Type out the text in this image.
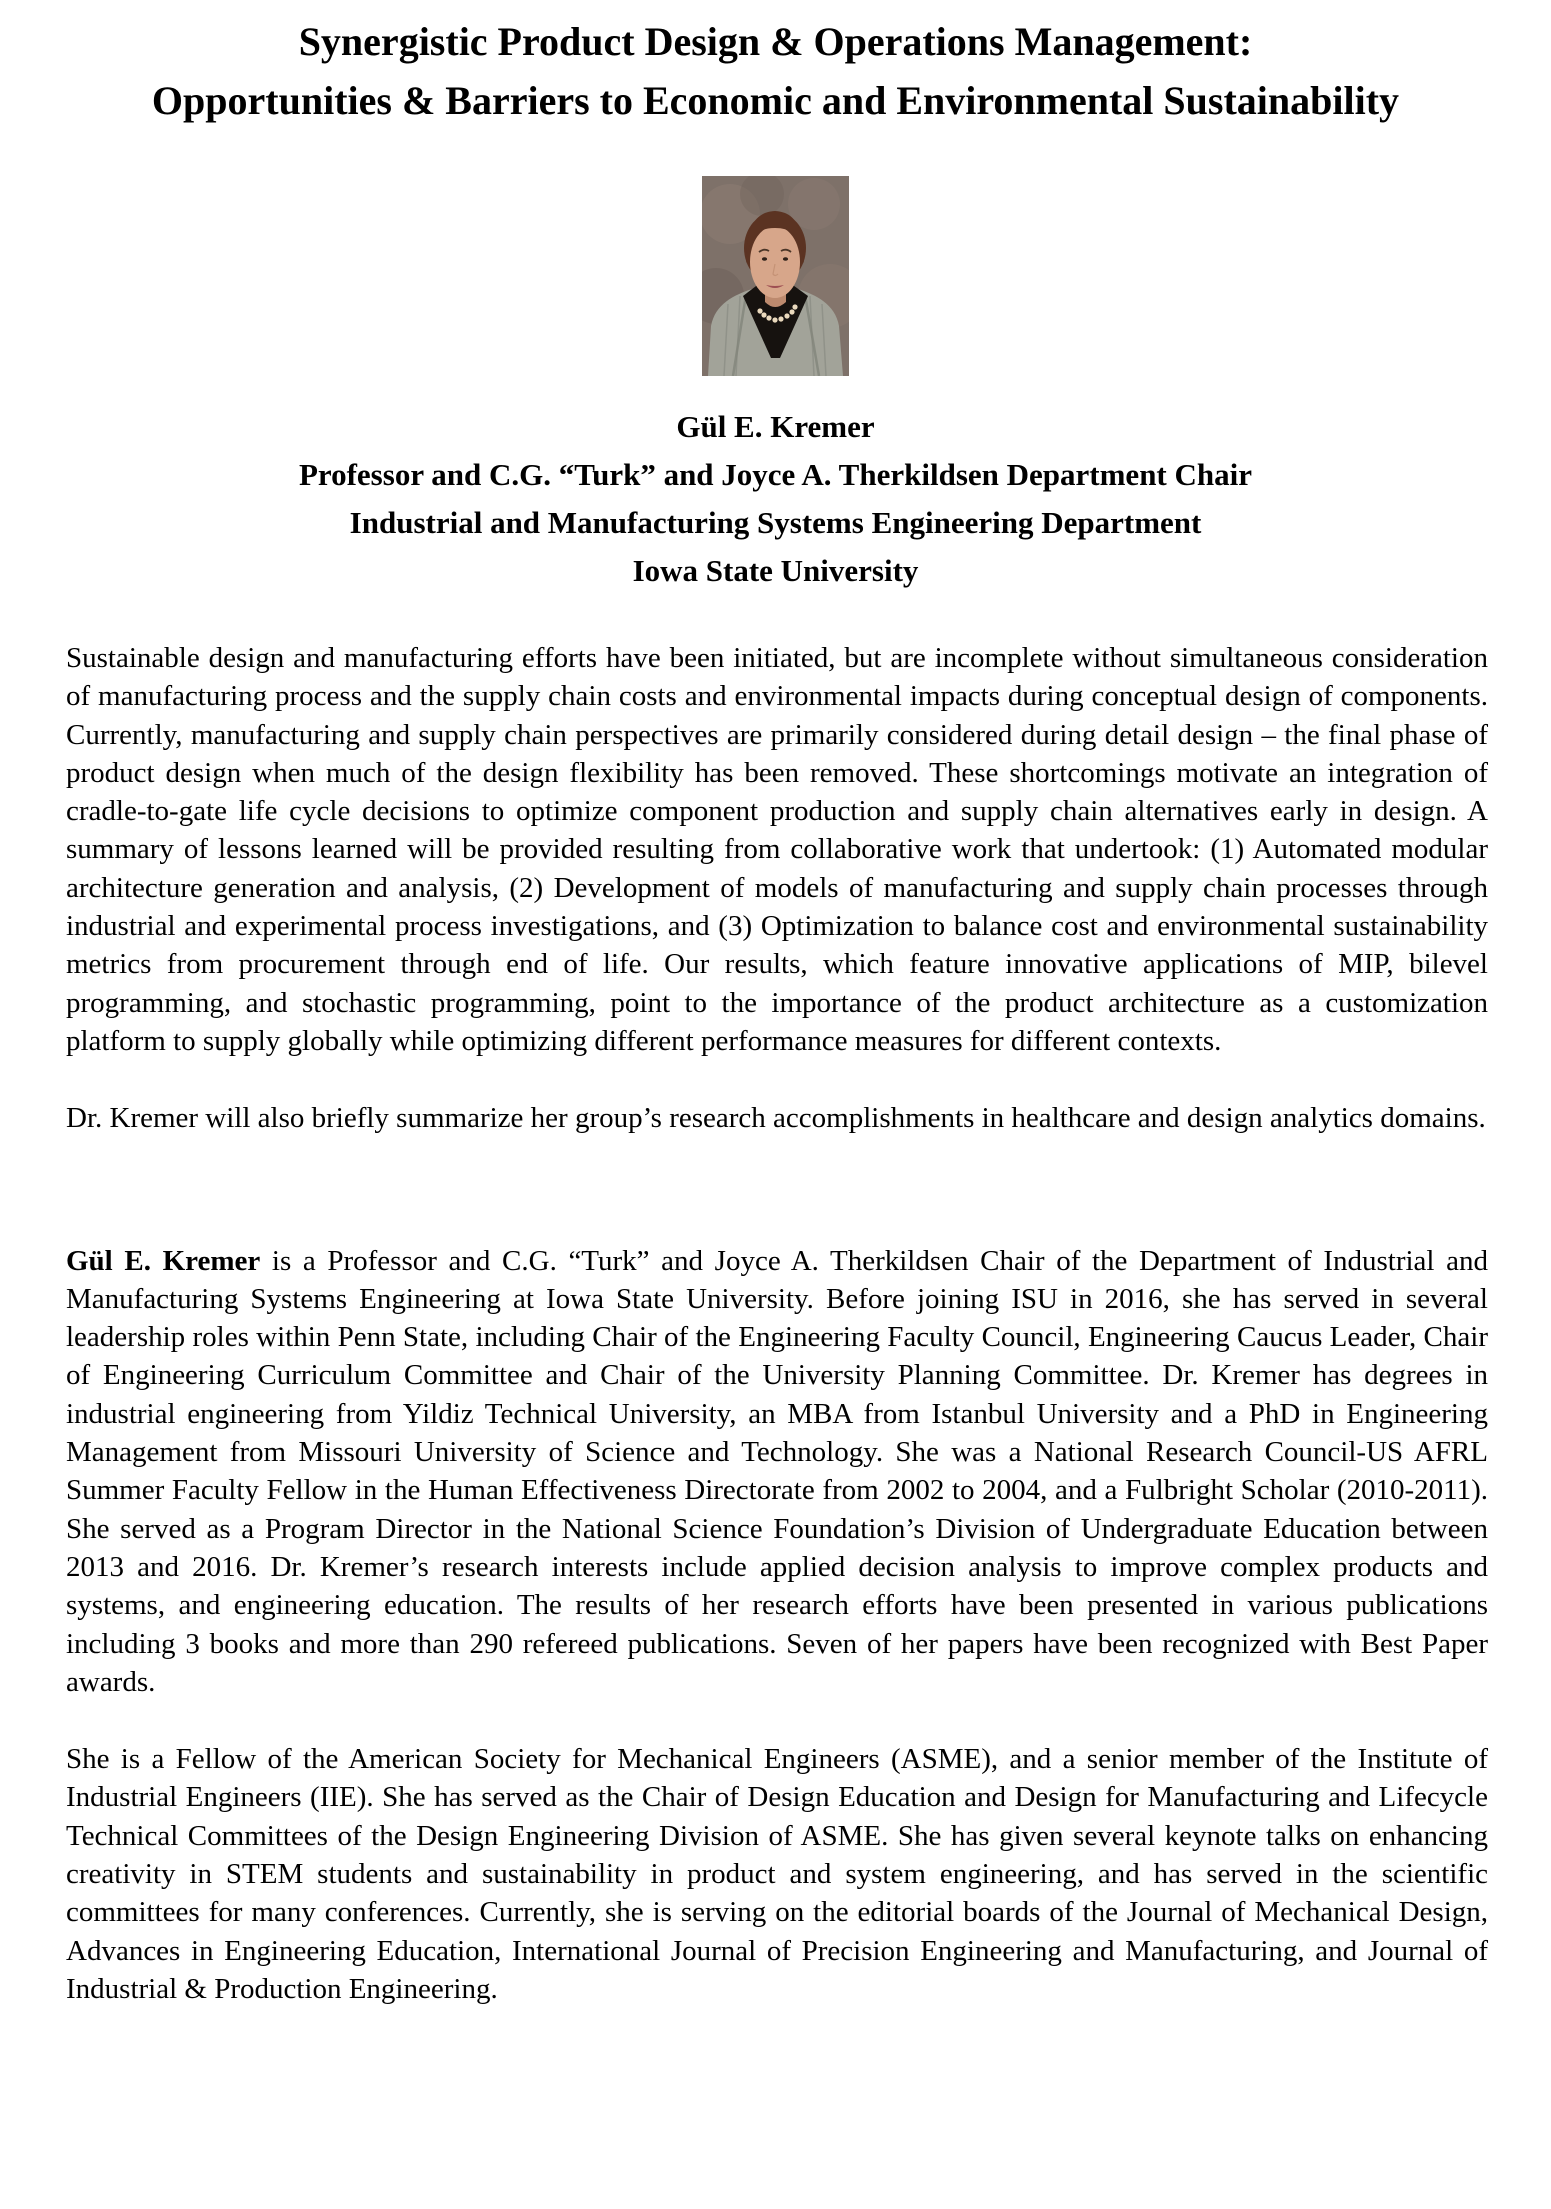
Synergistic Product Design & Operations Management:
Opportunities & Barriers to Economic and Environmental Sustainability
Gül E. Kremer
Professor and C.G. “Turk” and Joyce A. Therkildsen Department Chair
Industrial and Manufacturing Systems Engineering Department
Iowa State University

Sustainable design and manufacturing efforts have been initiated, but are incomplete without simultaneous consideration of manufacturing process and the supply chain costs and environmental impacts during conceptual design of components. Currently, manufacturing and supply chain perspectives are primarily considered during detail design – the final phase of product design when much of the design flexibility has been removed. These shortcomings motivate an integration of cradle-to-gate life cycle decisions to optimize component production and supply chain alternatives early in design. A summary of lessons learned will be provided resulting from collaborative work that undertook: (1) Automated modular architecture generation and analysis, (2) Development of models of manufacturing and supply chain processes through industrial and experimental process investigations, and (3) Optimization to balance cost and environmental sustainability metrics from procurement through end of life. Our results, which feature innovative applications of MIP, bilevel programming, and stochastic programming, point to the importance of the product architecture as a customization platform to supply globally while optimizing different performance measures for different contexts.

Dr. Kremer will also briefly summarize her group’s research accomplishments in healthcare and design analytics domains.

Gül E. Kremer is a Professor and C.G. “Turk” and Joyce A. Therkildsen Chair of the Department of Industrial and Manufacturing Systems Engineering at Iowa State University. Before joining ISU in 2016, she has served in several leadership roles within Penn State, including Chair of the Engineering Faculty Council, Engineering Caucus Leader, Chair of Engineering Curriculum Committee and Chair of the University Planning Committee. Dr. Kremer has degrees in industrial engineering from Yildiz Technical University, an MBA from Istanbul University and a PhD in Engineering Management from Missouri University of Science and Technology. She was a National Research Council-US AFRL Summer Faculty Fellow in the Human Effectiveness Directorate from 2002 to 2004, and a Fulbright Scholar (2010-2011). She served as a Program Director in the National Science Foundation’s Division of Undergraduate Education between 2013 and 2016. Dr. Kremer’s research interests include applied decision analysis to improve complex products and systems, and engineering education. The results of her research efforts have been presented in various publications including 3 books and more than 290 refereed publications. Seven of her papers have been recognized with Best Paper awards.

She is a Fellow of the American Society for Mechanical Engineers (ASME), and a senior member of the Institute of Industrial Engineers (IIE). She has served as the Chair of Design Education and Design for Manufacturing and Lifecycle Technical Committees of the Design Engineering Division of ASME. She has given several keynote talks on enhancing creativity in STEM students and sustainability in product and system engineering, and has served in the scientific committees for many conferences. Currently, she is serving on the editorial boards of the Journal of Mechanical Design, Advances in Engineering Education, International Journal of Precision Engineering and Manufacturing, and Journal of Industrial & Production Engineering.
